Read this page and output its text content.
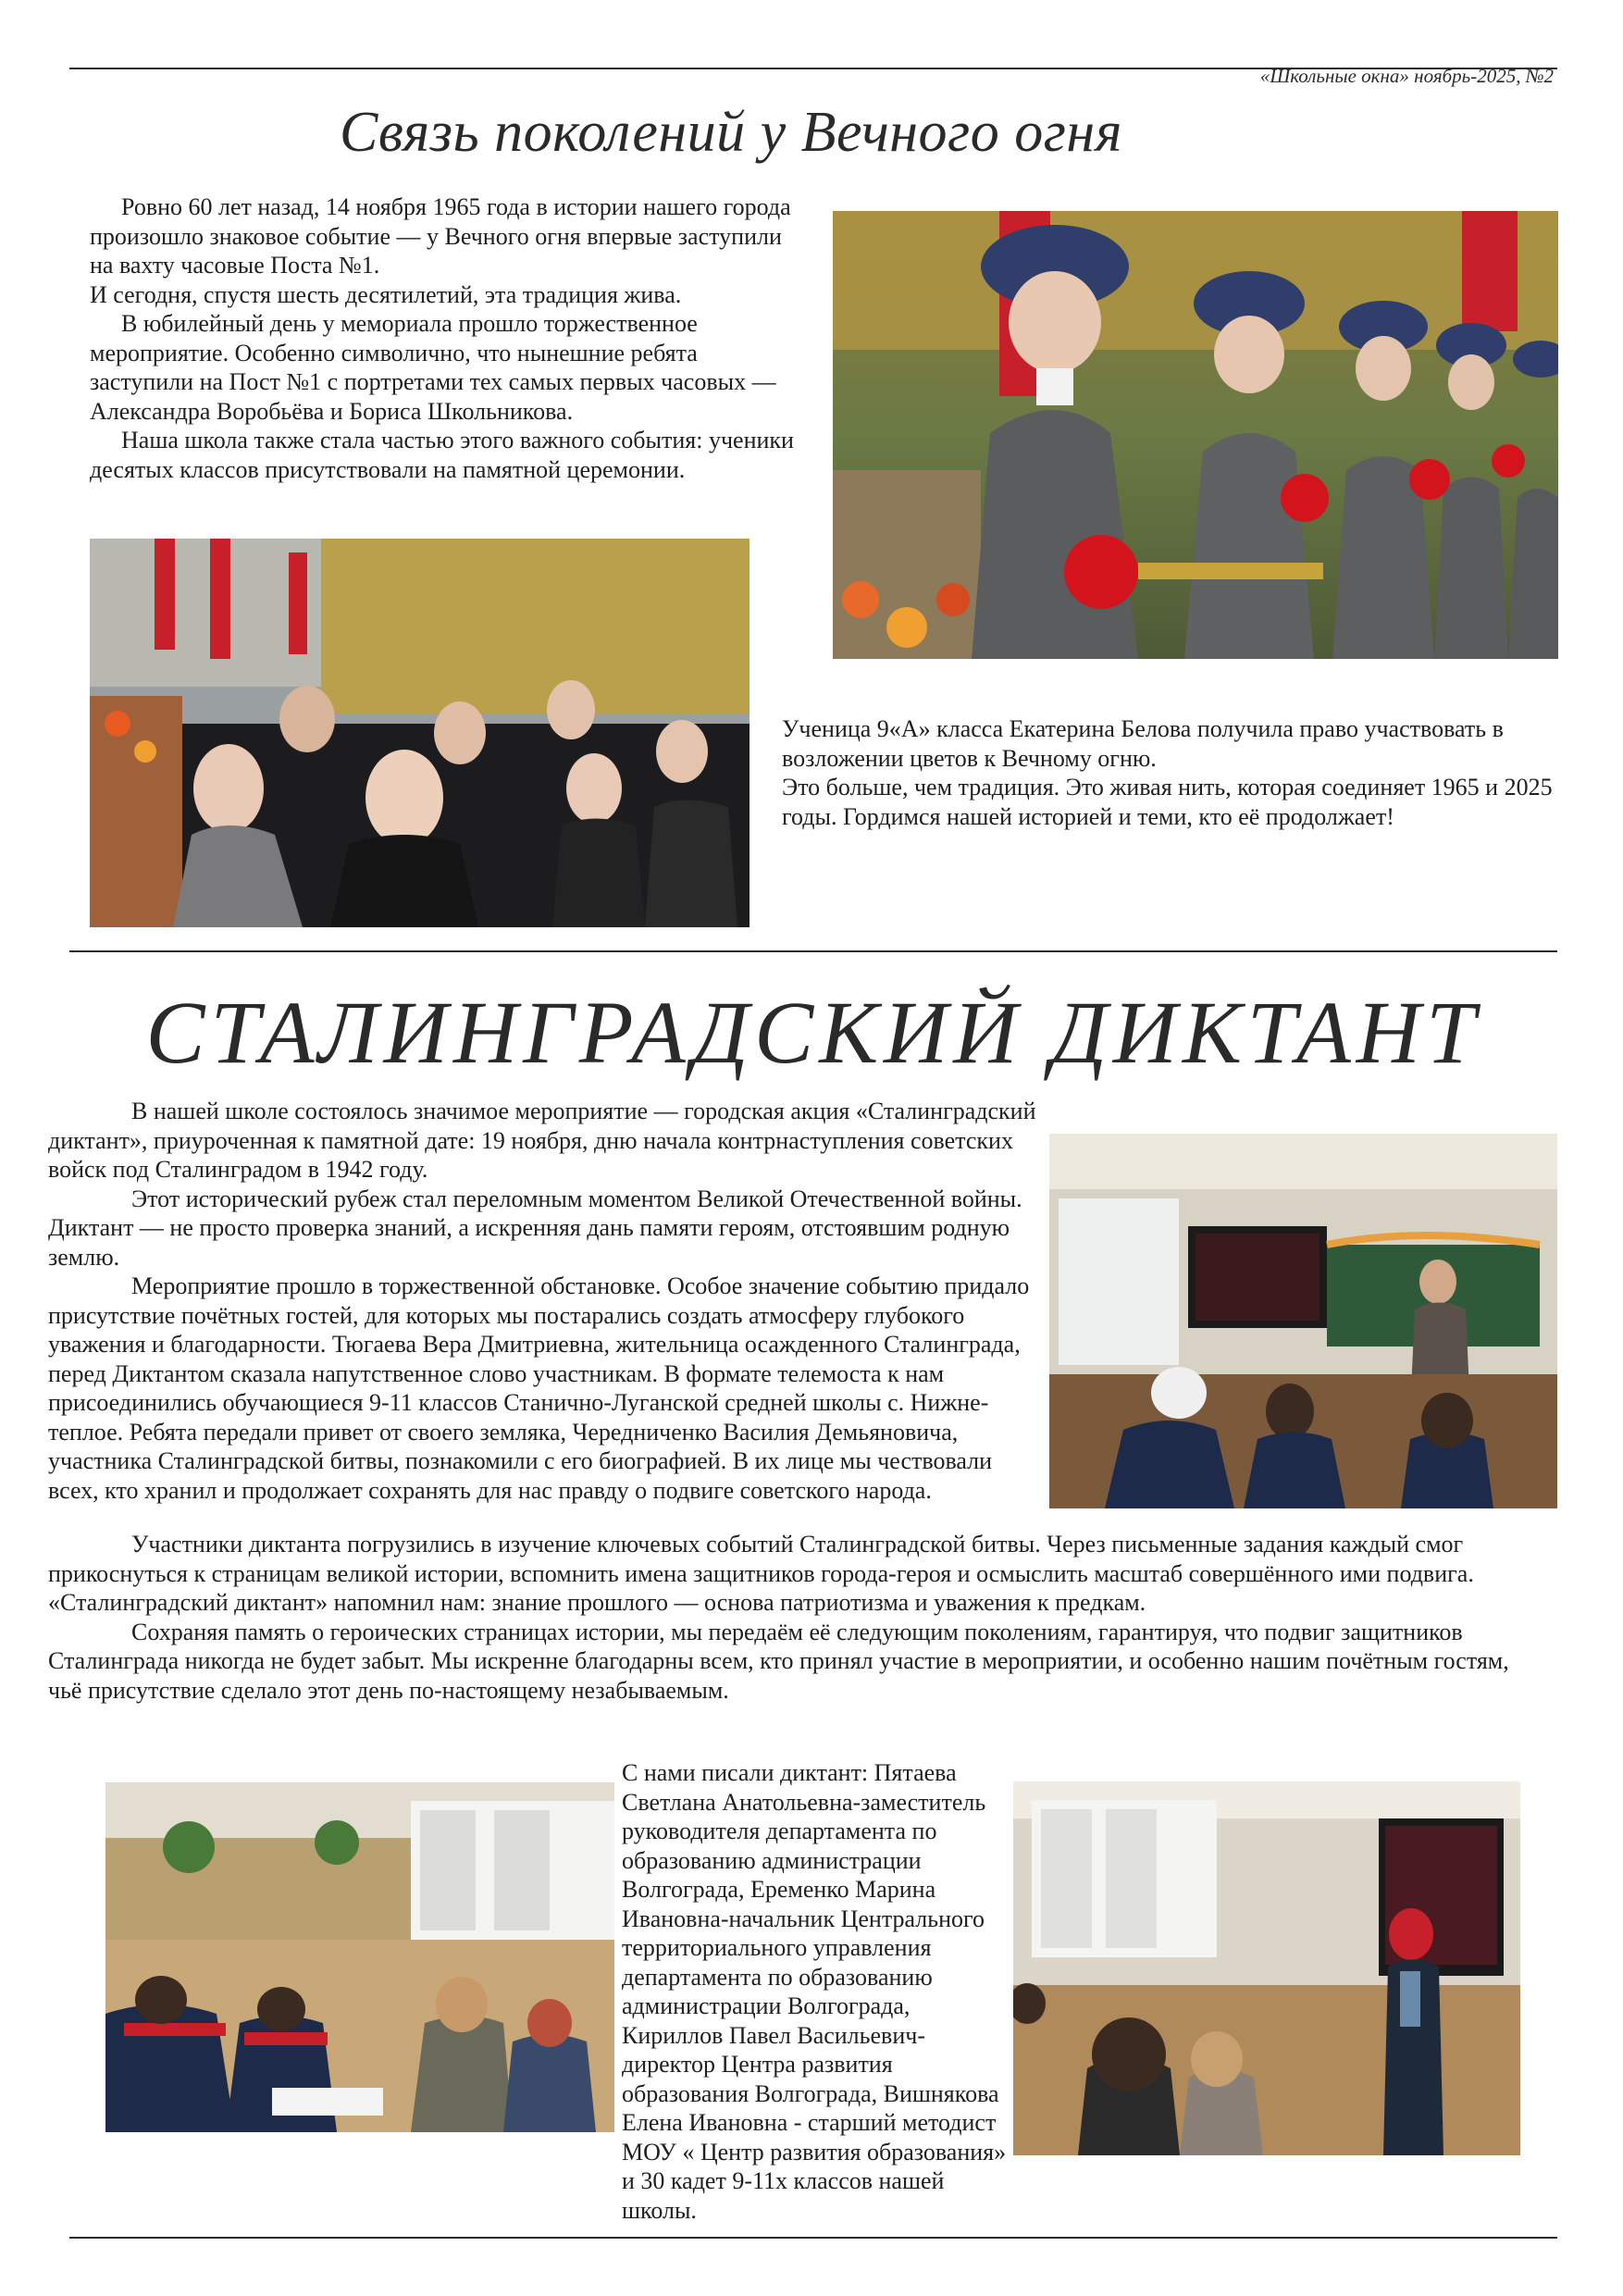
«Школьные окна» ноябрь-2025, №2
Связь поколений у Вечного огня

Ровно 60 лет назад, 14 ноября 1965 года в истории нашего города произошло знаковое событие — у Вечного огня впервые заступили на вахту часовые Поста №1.

И сегодня, спустя шесть десятилетий, эта традиция жива.

В юбилейный день у мемориала прошло торжественное мероприятие. Особенно символично, что нынешние ребята заступили на Пост №1 с портретами тех самых первых часовых — Александра Воробьёва и Бориса Школьникова.

Наша школа также стала частью этого важного события: ученики десятых классов присутствовали на памятной церемонии.

Ученица 9«А» класса Екатерина Белова получила право участвовать в возложении цветов к Вечному огню.

Это больше, чем традиция. Это живая нить, которая соединяет 1965 и 2025 годы. Гордимся нашей историей и теми, кто её продолжает!

СТАЛИНГРАДСКИЙ ДИКТАНТ

В нашей школе состоялось значимое мероприятие — городская акция «Сталинградский диктант», приуроченная к памятной дате: 19 ноября, дню начала контрнаступления советских войск под Сталинградом в 1942 году.

Этот исторический рубеж стал переломным моментом Великой Отечественной войны. Диктант — не просто проверка знаний, а искренняя дань памяти героям, отстоявшим родную землю.

Мероприятие прошло в торжественной обстановке. Особое значение событию придало присутствие почётных гостей, для которых мы постарались создать атмосферу глубокого уважения и благодарности. Тюгаева Вера Дмитриевна, жительница осажденного Сталинграда, перед Диктантом сказала напутственное слово участникам. В формате телемоста к нам присоединились обучающиеся 9-11 классов Станично-Луганской средней школы с. Нижне-теплое. Ребята передали привет от своего земляка, Чередниченко Василия Демьяновича, участника Сталинградской битвы, познакомили с его биографией. В их лице мы чествовали всех, кто хранил и продолжает сохранять для нас правду о подвиге советского народа.

Участники диктанта погрузились в изучение ключевых событий Сталинградской битвы. Через письменные задания каждый смог прикоснуться к страницам великой истории, вспомнить имена защитников города-героя и осмыслить масштаб совершённого ими подвига.

«Сталинградский диктант» напомнил нам: знание прошлого — основа патриотизма и уважения к предкам.

Сохраняя память о героических страницах истории, мы передаём её следующим поколениям, гарантируя, что подвиг защитников Сталинграда никогда не будет забыт. Мы искренне благодарны всем, кто принял участие в мероприятии, и особенно нашим почётным гостям, чьё присутствие сделало этот день по-настоящему незабываемым.

С нами писали диктант: Пятаева Светлана Анатольевна-заместитель руководителя департамента по образованию администрации Волгограда, Еременко Марина Ивановна-начальник Центрального территориального управления департамента по образованию администрации Волгограда, Кириллов Павел Васильевич-директор Центра развития образования Волгограда, Вишнякова Елена Ивановна - старший методист МОУ « Центр развития образования» и 30 кадет 9-11х классов нашей школы.
